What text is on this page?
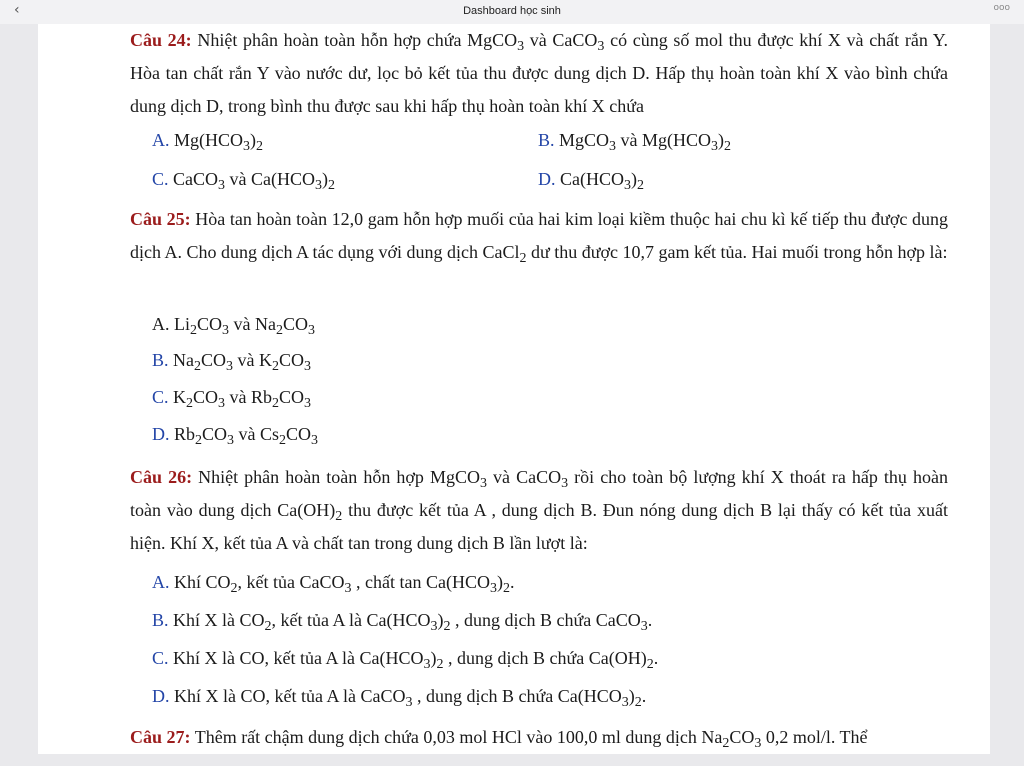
‹	Dashboard học sinh	ooo
Câu 24: Nhiệt phân hoàn toàn hỗn hợp chứa MgCO$_3$ và CaCO$_3$ có cùng số mol thu được khí X và chất rắn Y. Hòa tan chất rắn Y vào nước dư, lọc bỏ kết tủa thu được dung dịch D. Hấp thụ hoàn toàn khí X vào bình chứa dung dịch D, trong bình thu được sau khi hấp thụ hoàn toàn khí X chứa
A. $Mg(HCO_3)_2$	B. MgCO$_3$ và $Mg(HCO_3)_2$
C. CaCO$_3$ và $Ca(HCO_3)_2$	D. $Ca(HCO_3)_2$
Câu 25: Hòa tan hoàn toàn 12,0 gam hỗn hợp muối của hai kim loại kiềm thuộc hai chu kì kế tiếp thu được dung dịch A. Cho dung dịch A tác dụng với dung dịch CaCl$_2$ dư thu được 10,7 gam kết tủa. Hai muối trong hỗn hợp là:
A. $Li_2CO_3$ và $Na_2CO_3$
B. $Na_2CO_3$ và $K_2CO_3$
C. $K_2CO_3$ và $Rb_2CO_3$
D. $Rb_2CO_3$ và $Cs_2CO_3$
Câu 26: Nhiệt phân hoàn toàn hỗn hợp MgCO$_3$ và CaCO$_3$ rồi cho toàn bộ lượng khí X thoát ra hấp thụ hoàn toàn vào dung dịch $Ca(OH)_2$ thu được kết tủa A , dung dịch B. Đun nóng dung dịch B lại thấy có kết tủa xuất hiện. Khí X, kết tủa A và chất tan trong dung dịch B lần lượt là:
A. Khí $CO_2$, kết tủa CaCO$_3$ , chất $\tan Ca(HCO_3)_2$.
B. Khí X là $CO_2$, kết tủa A là $Ca(HCO_3)_2$ , dung dịch B chứa CaCO$_3$.
C. Khí X là CO, kết tủa A là $Ca(HCO_3)_2$ , dung dịch B chứa $Ca(OH)_2$.
D. Khí X là CO, kết tủa A là CaCO$_3$ , dung dịch B chứa $Ca(HCO_3)_2$.
Câu 27: Thêm rất chậm dung dịch chứa 0,03 mol HCl vào 100,0 ml dung dịch $Na_2CO_3$ 0,2 mol/l. Thể
